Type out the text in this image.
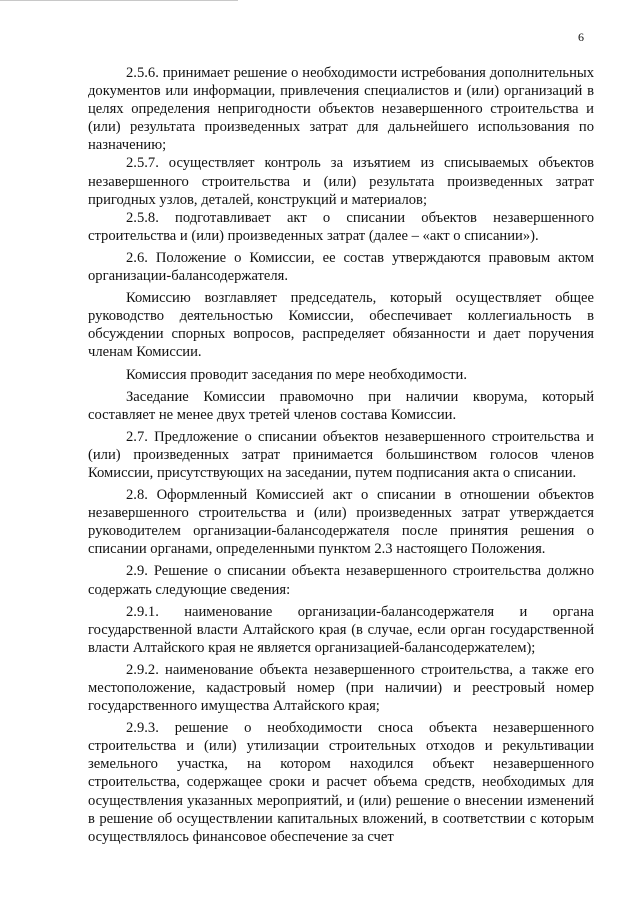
6

2.5.6. принимает решение о необходимости истребования дополнительных документов или информации, привлечения специалистов и (или) организаций в целях определения непригодности объектов незавершенного строительства и (или) результата произведенных затрат для дальнейшего использования по назначению;

2.5.7. осуществляет контроль за изъятием из списываемых объектов незавершенного строительства и (или) результата произведенных затрат пригодных узлов, деталей, конструкций и материалов;

2.5.8. подготавливает акт о списании объектов незавершенного строительства и (или) произведенных затрат (далее – «акт о списании»).

2.6. Положение о Комиссии, ее состав утверждаются правовым актом организации-балансодержателя.

Комиссию возглавляет председатель, который осуществляет общее руководство деятельностью Комиссии, обеспечивает коллегиальность в обсуждении спорных вопросов, распределяет обязанности и дает поручения членам Комиссии.

Комиссия проводит заседания по мере необходимости.

Заседание Комиссии правомочно при наличии кворума, который составляет не менее двух третей членов состава Комиссии.

2.7. Предложение о списании объектов незавершенного строительства и (или) произведенных затрат принимается большинством голосов членов Комиссии, присутствующих на заседании, путем подписания акта о списании.

2.8. Оформленный Комиссией акт о списании в отношении объектов незавершенного строительства и (или) произведенных затрат утверждается руководителем организации-балансодержателя после принятия решения о списании органами, определенными пунктом 2.3 настоящего Положения.

2.9. Решение о списании объекта незавершенного строительства должно содержать следующие сведения:

2.9.1. наименование организации-балансодержателя и органа государственной власти Алтайского края (в случае, если орган государственной власти Алтайского края не является организацией-балансодержателем);

2.9.2. наименование объекта незавершенного строительства, а также его местоположение, кадастровый номер (при наличии) и реестровый номер государственного имущества Алтайского края;

2.9.3. решение о необходимости сноса объекта незавершенного строительства и (или) утилизации строительных отходов и рекультивации земельного участка, на котором находился объект незавершенного строительства, содержащее сроки и расчет объема средств, необходимых для осуществления указанных мероприятий, и (или) решение о внесении изменений в решение об осуществлении капитальных вложений, в соответствии с которым осуществлялось финансовое обеспечение за счет
